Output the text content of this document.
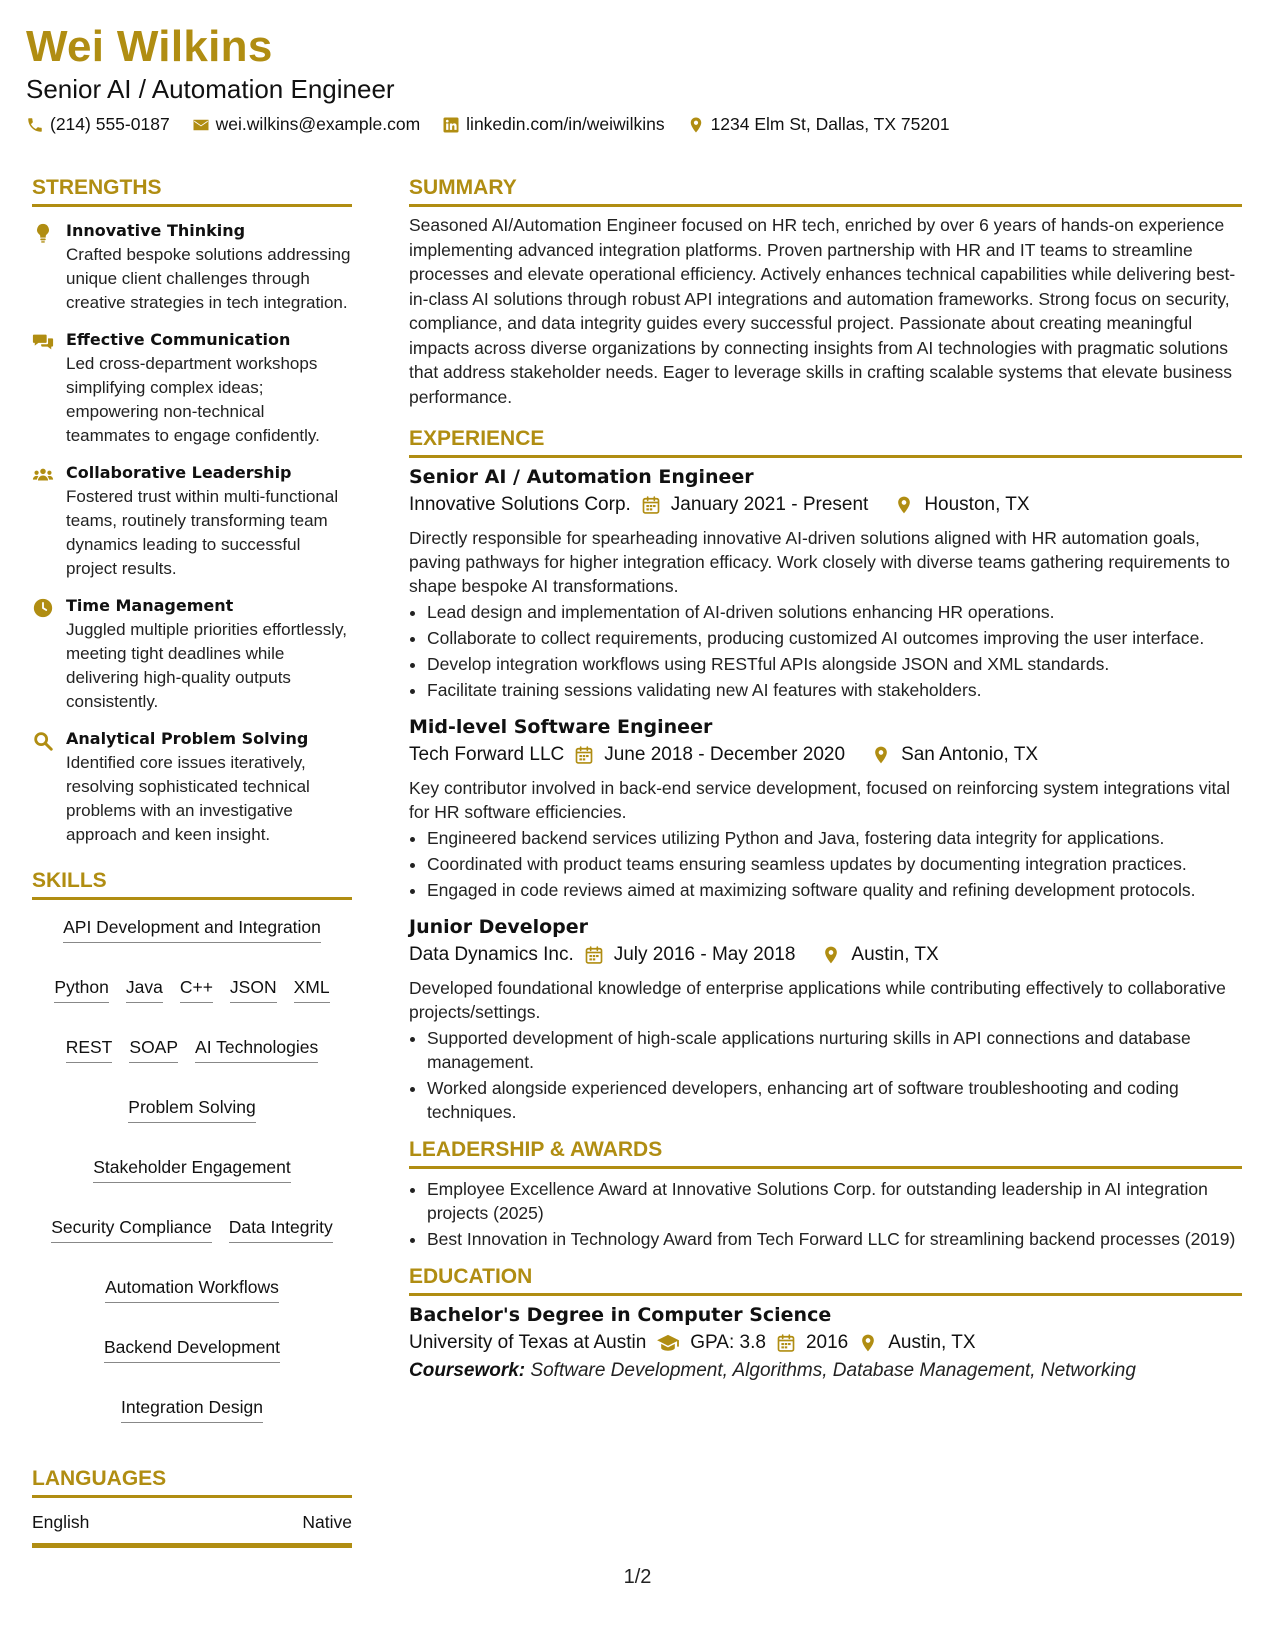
Wei Wilkins
Senior AI / Automation Engineer
(214) 555-0187	wei.wilkins@example.com	linkedin.com/in/weiwilkins	1234 Elm St, Dallas, TX 75201
STRENGTHS
Innovative Thinking
Crafted bespoke solutions addressing unique client challenges through creative strategies in tech integration.
Effective Communication
Led cross-department workshops simplifying complex ideas; empowering non-technical teammates to engage confidently.
Collaborative Leadership
Fostered trust within multi-functional teams, routinely transforming team dynamics leading to successful project results.
Time Management
Juggled multiple priorities effortlessly, meeting tight deadlines while delivering high-quality outputs consistently.
Analytical Problem Solving
Identified core issues iteratively, resolving sophisticated technical problems with an investigative approach and keen insight.
SKILLS
API Development and Integration
Python Java C++ JSON XML
REST SOAP AI Technologies
Problem Solving
Stakeholder Engagement
Security Compliance Data Integrity
Automation Workflows
Backend Development
Integration Design
LANGUAGES
English	Native
SUMMARY
Seasoned AI/Automation Engineer focused on HR tech, enriched by over 6 years of hands-on experience implementing advanced integration platforms. Proven partnership with HR and IT teams to streamline processes and elevate operational efficiency. Actively enhances technical capabilities while delivering best-in-class AI solutions through robust API integrations and automation frameworks. Strong focus on security, compliance, and data integrity guides every successful project. Passionate about creating meaningful impacts across diverse organizations by connecting insights from AI technologies with pragmatic solutions that address stakeholder needs. Eager to leverage skills in crafting scalable systems that elevate business performance.
EXPERIENCE
Senior AI / Automation Engineer
Innovative Solutions Corp. January 2021 - Present	Houston, TX
Directly responsible for spearheading innovative AI-driven solutions aligned with HR automation goals, paving pathways for higher integration efficacy. Work closely with diverse teams gathering requirements to shape bespoke AI transformations.
• Lead design and implementation of AI-driven solutions enhancing HR operations.
• Collaborate to collect requirements, producing customized AI outcomes improving the user interface.
• Develop integration workflows using RESTful APIs alongside JSON and XML standards.
• Facilitate training sessions validating new AI features with stakeholders.
Mid-level Software Engineer
Tech Forward LLC June 2018 - December 2020	San Antonio, TX
Key contributor involved in back-end service development, focused on reinforcing system integrations vital for HR software efficiencies.
• Engineered backend services utilizing Python and Java, fostering data integrity for applications.
• Coordinated with product teams ensuring seamless updates by documenting integration practices.
• Engaged in code reviews aimed at maximizing software quality and refining development protocols.
Junior Developer
Data Dynamics Inc. July 2016 - May 2018	Austin, TX
Developed foundational knowledge of enterprise applications while contributing effectively to collaborative projects/settings.
• Supported development of high-scale applications nurturing skills in API connections and database management.
• Worked alongside experienced developers, enhancing art of software troubleshooting and coding techniques.
LEADERSHIP & AWARDS
• Employee Excellence Award at Innovative Solutions Corp. for outstanding leadership in AI integration projects (2025)
• Best Innovation in Technology Award from Tech Forward LLC for streamlining backend processes (2019)
EDUCATION
Bachelor's Degree in Computer Science
University of Texas at Austin GPA: 3.8 2016 Austin, TX
Coursework: Software Development, Algorithms, Database Management, Networking
1/2
